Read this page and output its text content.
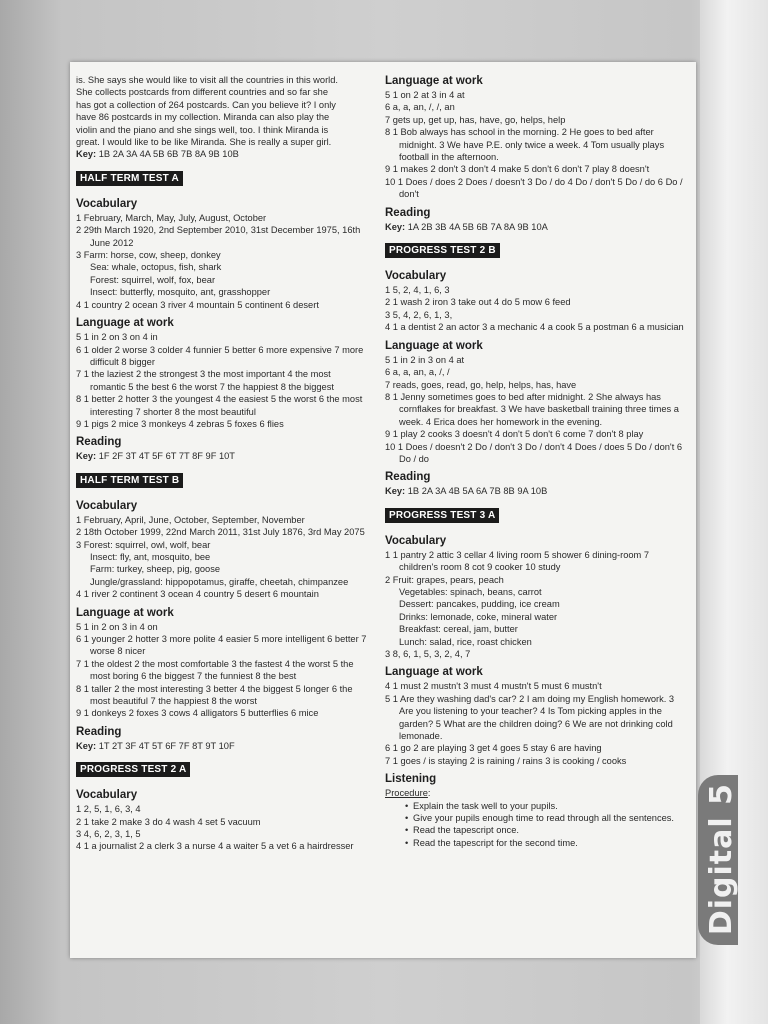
is. She says she would like to visit all the countries in this world.

She collects postcards from different countries and so far she

has got a collection of 264 postcards. Can you believe it? I only

have 86 postcards in my collection. Miranda can also play the

violin and the piano and she sings well, too. I think Miranda is

great. I would like to be like Miranda. She is really a super girl.

Key: 1B 2A 3A 4A 5B 6B 7B 8A 9B 10B

HALF TERM TEST A
Vocabulary

1 February, March, May, July, August, October

2 29th March 1920, 2nd September 2010, 31st December 1975, 16th June 2012

3 Farm: horse, cow, sheep, donkey

Sea: whale, octopus, fish, shark

Forest: squirrel, wolf, fox, bear

Insect: butterfly, mosquito, ant, grasshopper

4 1 country 2 ocean 3 river 4 mountain 5 continent 6 desert

Language at work

5 1 in 2 on 3 on 4 in

6 1 older 2 worse 3 colder 4 funnier 5 better 6 more expensive 7 more difficult 8 bigger

7 1 the laziest 2 the strongest 3 the most important 4 the most romantic 5 the best 6 the worst 7 the happiest 8 the biggest

8 1 better 2 hotter 3 the youngest 4 the easiest 5 the worst 6 the most interesting 7 shorter 8 the most beautiful

9 1 pigs 2 mice 3 monkeys 4 zebras 5 foxes 6 flies

Reading

Key: 1F 2F 3T 4T 5F 6T 7T 8F 9F 10T

HALF TERM TEST B
Vocabulary

1 February, April, June, October, September, November

2 18th October 1999, 22nd March 2011, 31st July 1876, 3rd May 2075

3 Forest: squirrel, owl, wolf, bear

Insect: fly, ant, mosquito, bee

Farm: turkey, sheep, pig, goose

Jungle/grassland: hippopotamus, giraffe, cheetah, chimpanzee

4 1 river 2 continent 3 ocean 4 country 5 desert 6 mountain

Language at work

5 1 in 2 on 3 in 4 on

6 1 younger 2 hotter 3 more polite 4 easier 5 more intelligent 6 better 7 worse 8 nicer

7 1 the oldest 2 the most comfortable 3 the fastest 4 the worst 5 the most boring 6 the biggest 7 the funniest 8 the best

8 1 taller 2 the most interesting 3 better 4 the biggest 5 longer 6 the most beautiful 7 the happiest 8 the worst

9 1 donkeys 2 foxes 3 cows 4 alligators 5 butterflies 6 mice

Reading

Key: 1T 2T 3F 4T 5T 6F 7F 8T 9T 10F

PROGRESS TEST 2 A
Vocabulary

1 2, 5, 1, 6, 3, 4

2 1 take 2 make 3 do 4 wash 4 set 5 vacuum

3 4, 6, 2, 3, 1, 5

4 1 a journalist 2 a clerk 3 a nurse 4 a waiter 5 a vet 6 a hairdresser

Language at work

5 1 on 2 at 3 in 4 at

6 a, a, an, /, /, an

7 gets up, get up, has, have, go, helps, help

8 1 Bob always has school in the morning. 2 He goes to bed after midnight. 3 We have P.E. only twice a week. 4 Tom usually plays football in the afternoon.

9 1 makes 2 don't 3 don't 4 make 5 don't 6 don't 7 play 8 doesn't

10 1 Does / does 2 Does / doesn't 3 Do / do 4 Do / don't 5 Do / do 6 Do / don't

Reading

Key: 1A 2B 3B 4A 5B 6B 7A 8A 9B 10A

PROGRESS TEST 2 B
Vocabulary

1 5, 2, 4, 1, 6, 3

2 1 wash 2 iron 3 take out 4 do 5 mow 6 feed

3 5, 4, 2, 6, 1, 3,

4 1 a dentist 2 an actor 3 a mechanic 4 a cook 5 a postman 6 a musician

Language at work

5 1 in 2 in 3 on 4 at

6 a, a, an, a, /, /

7 reads, goes, read, go, help, helps, has, have

8 1 Jenny sometimes goes to bed after midnight. 2 She always has cornflakes for breakfast. 3 We have basketball training three times a week. 4 Erica does her homework in the evening.

9 1 play 2 cooks 3 doesn't 4 don't 5 don't 6 come 7 don't 8 play

10 1 Does / doesn't 2 Do / don't 3 Do / don't 4 Does / does 5 Do / don't 6 Do / do

Reading

Key: 1B 2A 3A 4B 5A 6A 7B 8B 9A 10B

PROGRESS TEST 3 A
Vocabulary

1 1 pantry 2 attic 3 cellar 4 living room 5 shower 6 dining-room 7 children's room 8 cot 9 cooker 10 study

2 Fruit: grapes, pears, peach

Vegetables: spinach, beans, carrot

Dessert: pancakes, pudding, ice cream

Drinks: lemonade, coke, mineral water

Breakfast: cereal, jam, butter

Lunch: salad, rice, roast chicken

3 8, 6, 1, 5, 3, 2, 4, 7

Language at work

4 1 must 2 mustn't 3 must 4 mustn't 5 must 6 mustn't

5 1 Are they washing dad's car? 2 I am doing my English homework. 3 Are you listening to your teacher? 4 Is Tom picking apples in the garden? 5 What are the children doing? 6 We are not drinking cold lemonade.

6 1 go 2 are playing 3 get 4 goes 5 stay 6 are having

7 1 goes / is staying 2 is raining / rains 3 is cooking / cooks

Listening

Procedure:

• Explain the task well to your pupils.
• Give your pupils enough time to read through all the sentences.
• Read the tapescript once.
• Read the tapescript for the second time.	Digital 5
